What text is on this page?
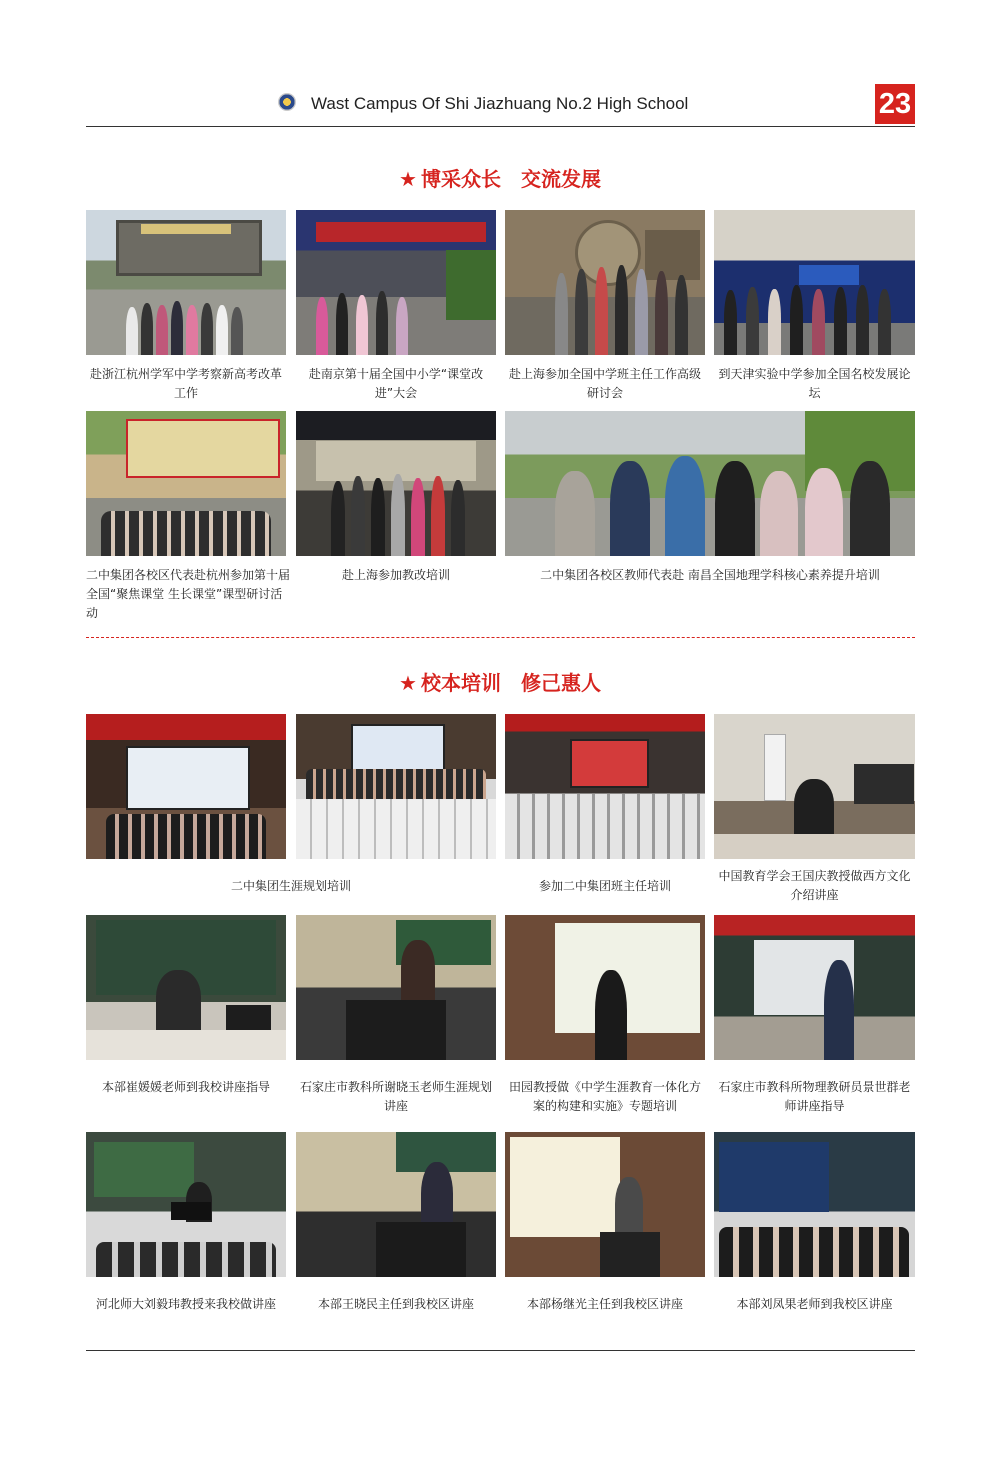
Wast Campus Of Shi Jiazhuang No.2 High School	23
★ 博采众长　交流发展
赴浙江杭州学军中学考察新高考改革工作
赴南京第十届全国中小学“课堂改进”大会
赴上海参加全国中学班主任工作高级研讨会
到天津实验中学参加全国名校发展论坛
二中集团各校区代表赴杭州参加第十届全国“聚焦课堂 生长课堂”课型研讨活动
赴上海参加教改培训	二中集团各校区教师代表赴 南昌全国地理学科核心素养提升培训
★ 校本培训　修己惠人
二中集团生涯规划培训	参加二中集团班主任培训
中国教育学会王国庆教授做西方文化介绍讲座
本部崔媛媛老师到我校讲座指导	石家庄市教科所谢晓玉老师生涯规划讲座
田园教授做《中学生涯教育一体化方案的构建和实施》专题培训
石家庄市教科所物理教研员景世群老师讲座指导
河北师大刘毅玮教授来我校做讲座	本部王晓民主任到我校区讲座	本部杨继光主任到我校区讲座	本部刘凤果老师到我校区讲座
